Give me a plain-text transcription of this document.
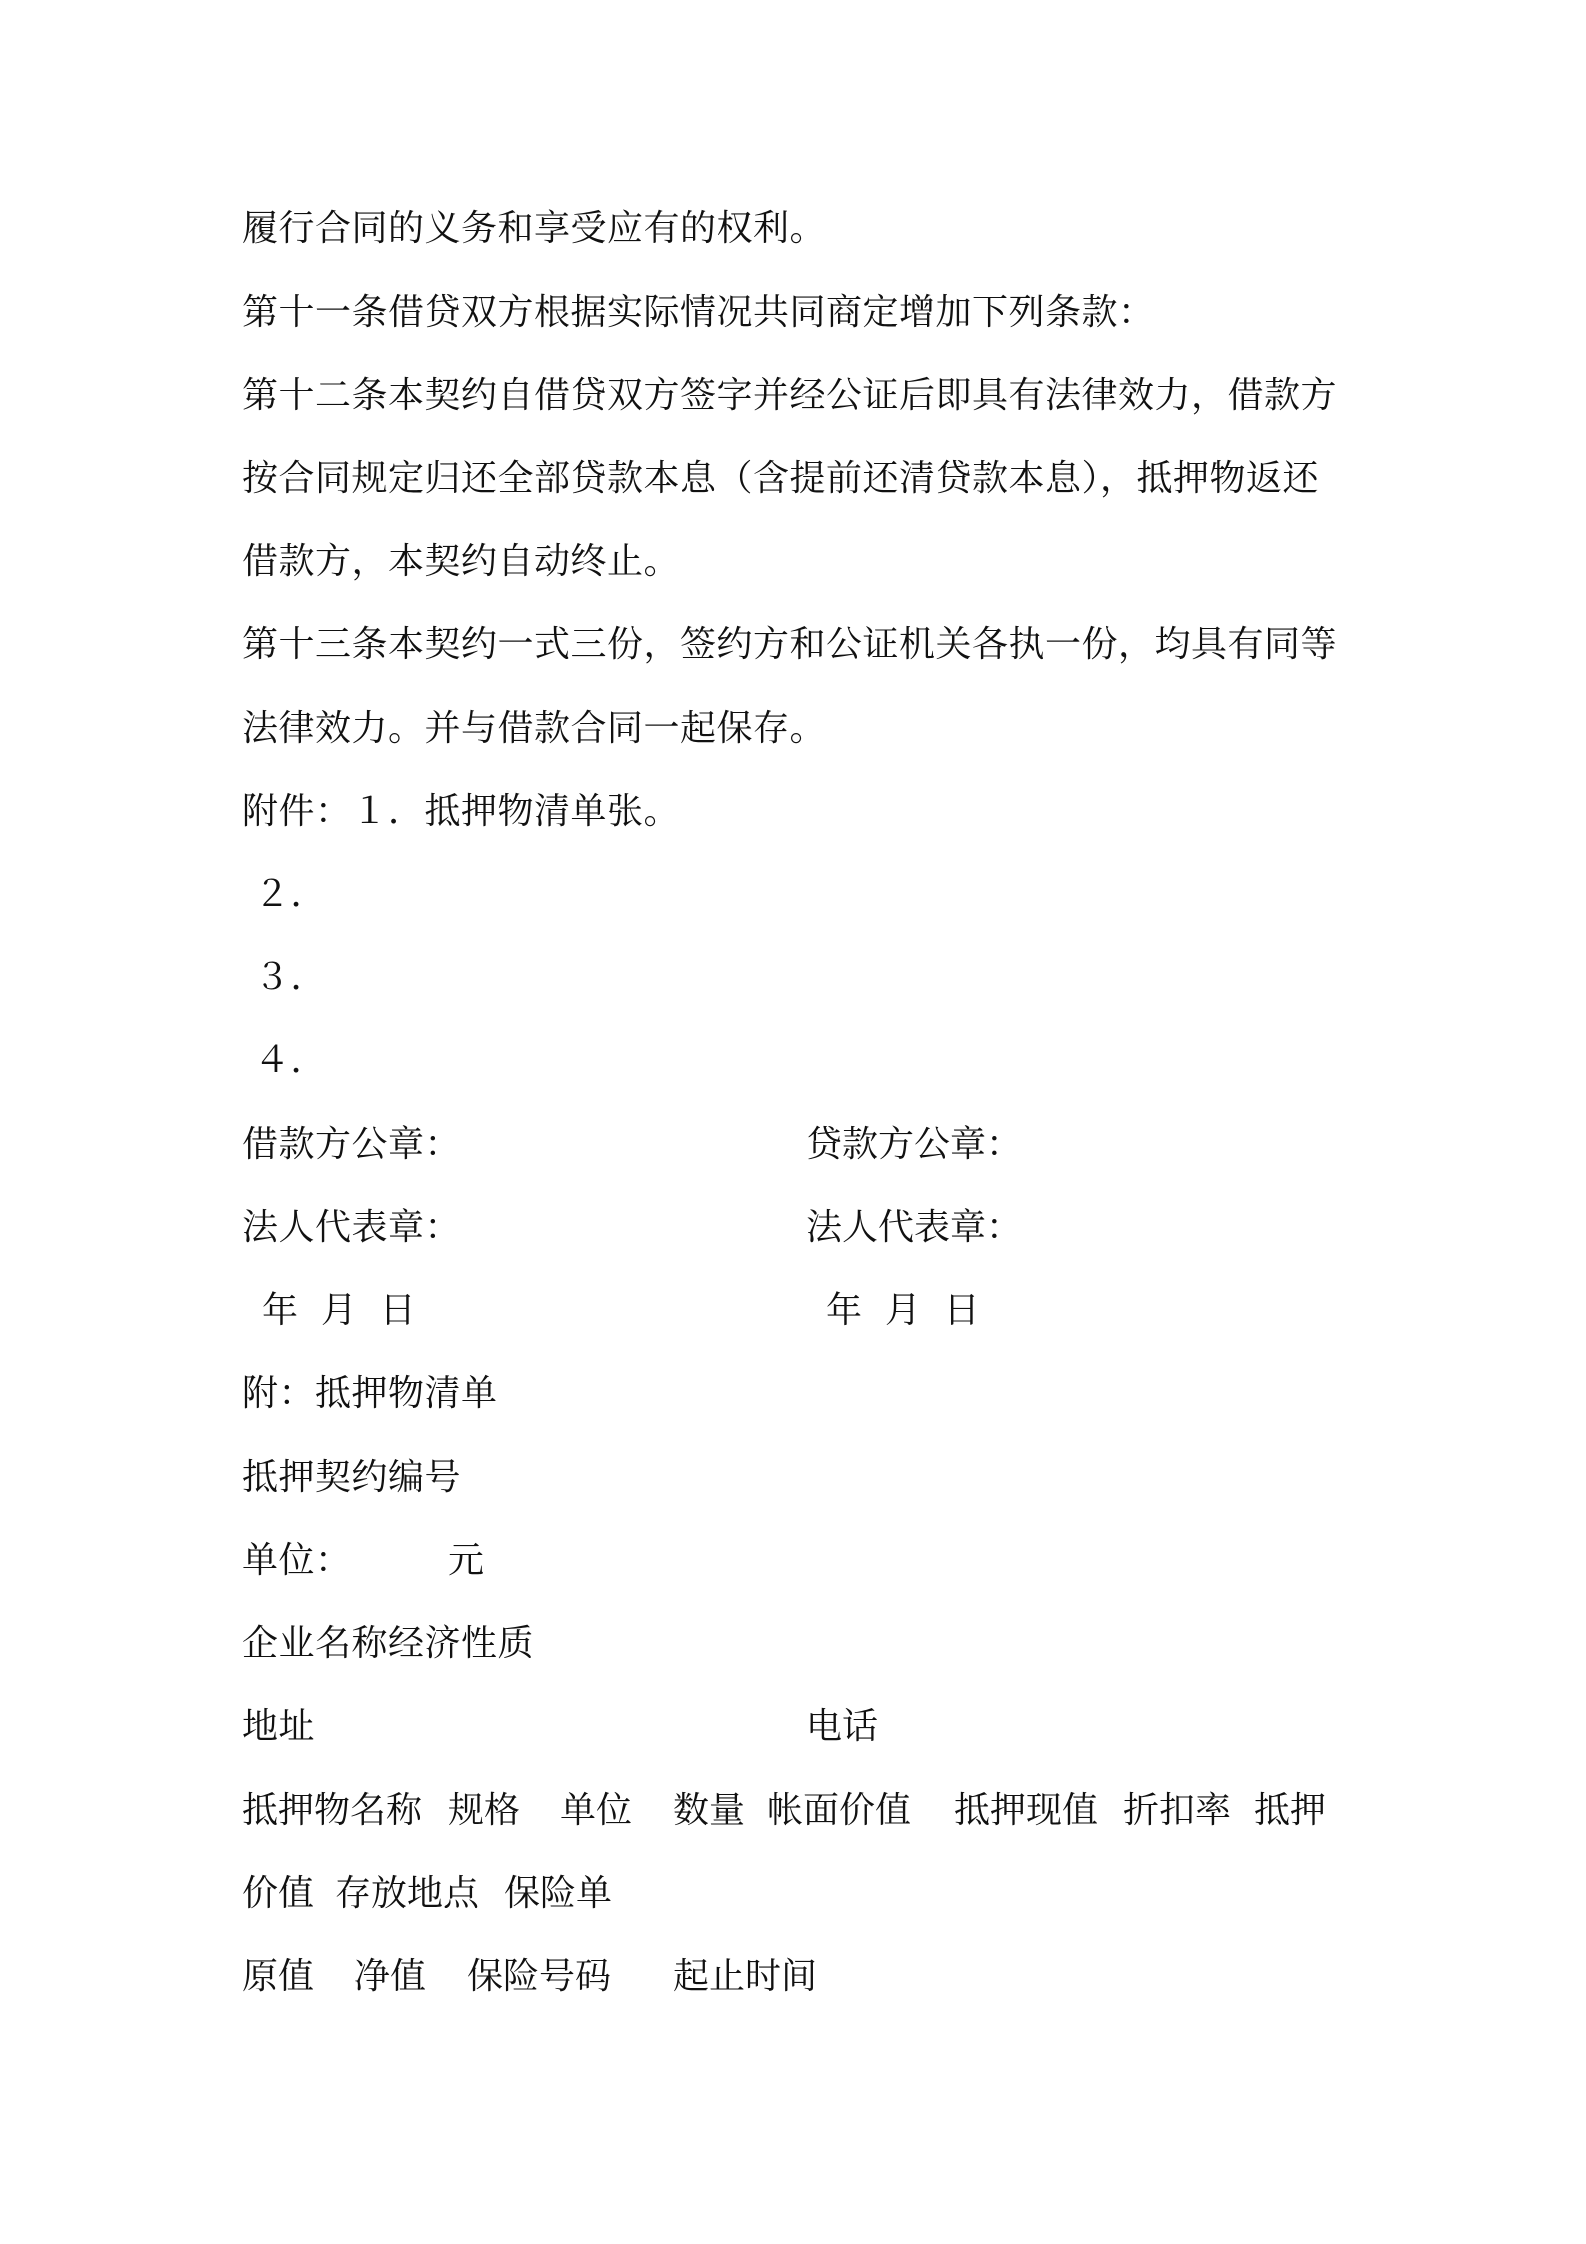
履行合同的义务和享受应有的权利。

第十一条借贷双方根据实际情况共同商定增加下列条款：

第十二条本契约自借贷双方签字并经公证后即具有法律效力，借款方

按合同规定归还全部贷款本息（含提前还清贷款本息），抵押物返还

借款方，本契约自动终止。

第十三条本契约一式三份，签约方和公证机关各执一份，均具有同等

法律效力。并与借款合同一起保存。

附件：１．抵押物清单张。

２．

３．

４．

借款方公章：	贷款方公章：

法人代表章：	法人代表章：

年  月  日	年  月  日

附：抵押物清单

抵押契约编号

单位：	元

企业名称经济性质

地址	电话

抵押物名称 规格 单位 数量 帐面价值 抵押现值 折扣率 抵押

价值 存放地点 保险单

原值 净值 保险号码 起止时间
